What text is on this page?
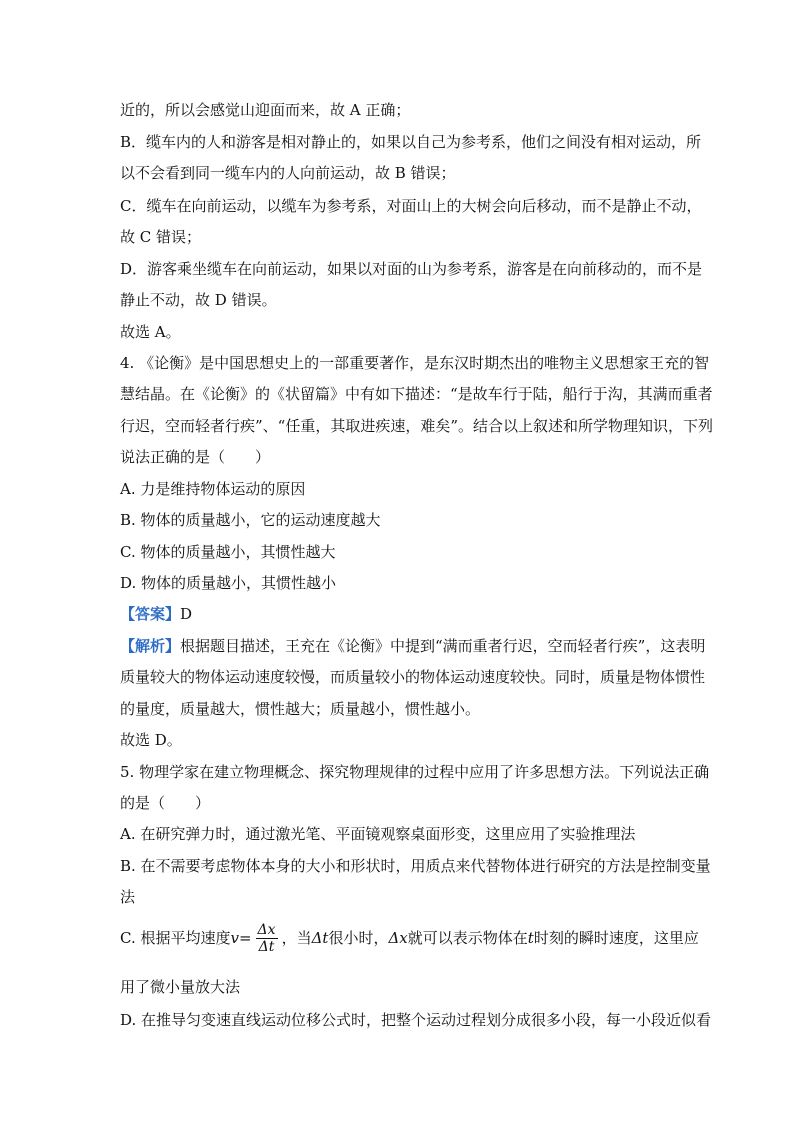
近的，所以会感觉山迎面而来，故 A 正确；
B．缆车内的人和游客是相对静止的，如果以自己为参考系，他们之间没有相对运动，所
以不会看到同一缆车内的人向前运动，故 B 错误；
C．缆车在向前运动，以缆车为参考系，对面山上的大树会向后移动，而不是静止不动，
故 C 错误；
D．游客乘坐缆车在向前运动，如果以对面的山为参考系，游客是在向前移动的，而不是
静止不动，故 D 错误。
故选 A。
4. 《论衡》是中国思想史上的一部重要著作，是东汉时期杰出的唯物主义思想家王充的智
慧结晶。在《论衡》的《状留篇》中有如下描述：“是故车行于陆，船行于沟，其满而重者
行迟，空而轻者行疾”、“任重，其取进疾速，难矣”。结合以上叙述和所学物理知识，下列
说法正确的是（　　）
A. 力是维持物体运动的原因
B. 物体的质量越小，它的运动速度越大
C. 物体的质量越小，其惯性越大
D. 物体的质量越小，其惯性越小
【答案】D
【解析】根据题目描述，王充在《论衡》中提到“满而重者行迟，空而轻者行疾”，这表明
质量较大的物体运动速度较慢，而质量较小的物体运动速度较快。同时，质量是物体惯性
的量度，质量越大，惯性越大；质量越小，惯性越小。
故选 D。
5. 物理学家在建立物理概念、探究物理规律的过程中应用了许多思想方法。下列说法正确
的是（　　）
A. 在研究弹力时，通过激光笔、平面镜观察桌面形变，这里应用了实验推理法
B. 在不需要考虑物体本身的大小和形状时，用质点来代替物体进行研究的方法是控制变量
法
C. 根据平均速度 $v = \frac{\Delta x}{\Delta t}$ ，当 Δt 很小时， Δx 就可以表示物体在 t 时刻的瞬时速度，这里应
用了微小量放大法
D. 在推导匀变速直线运动位移公式时，把整个运动过程划分成很多小段，每一小段近似看
